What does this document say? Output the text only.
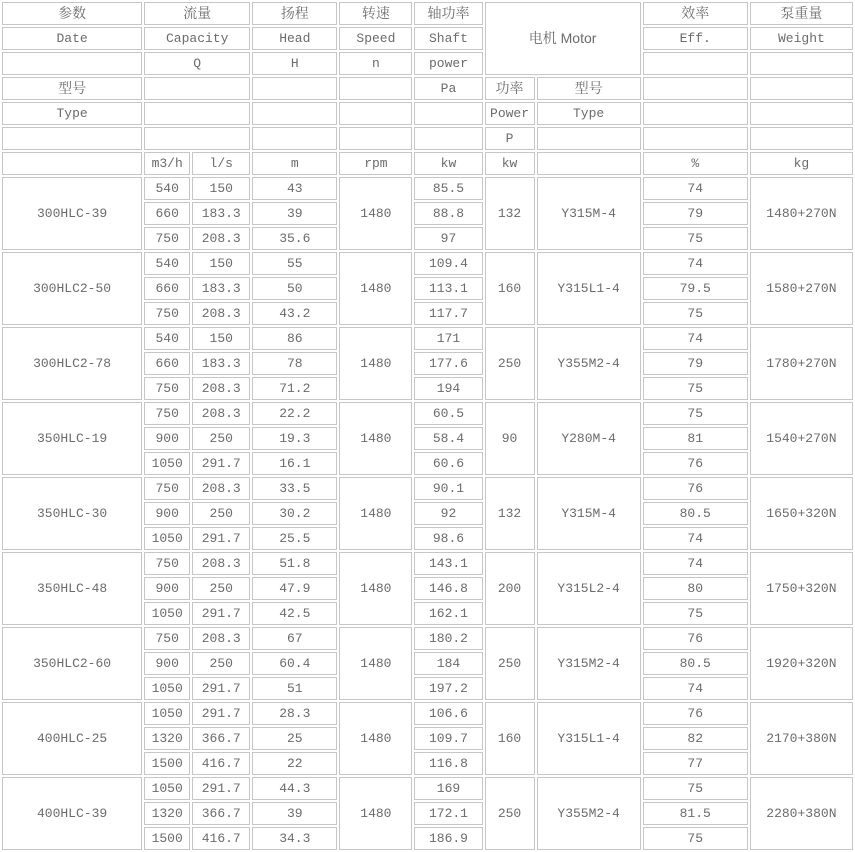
参数	流量		扬程	转速	轴功率	电机 Motor		效率	泵重量
Date	Capacity		Head	Speed	Shaft			Eff.	Weight
	Q		H	n	power				
型号					Pa	功率	型号		
Type						Power	Type		
						P			
	m3/h	l/s	m	rpm	kw	kw		%	kg
300HLC-39	540	150	43	1480	85.5	132	Y315M-4	74	1480+270N
	660	183.3	39		88.8			79	
	750	208.3	35.6		97			75	
300HLC2-50	540	150	55	1480	109.4	160	Y315L1-4	74	1580+270N
	660	183.3	50		113.1			79.5	
	750	208.3	43.2		117.7			75	
300HLC2-78	540	150	86	1480	171	250	Y355M2-4	74	1780+270N
	660	183.3	78		177.6			79	
	750	208.3	71.2		194			75	
350HLC-19	750	208.3	22.2	1480	60.5	90	Y280M-4	75	1540+270N
	900	250	19.3		58.4			81	
	1050	291.7	16.1		60.6			76	
350HLC-30	750	208.3	33.5	1480	90.1	132	Y315M-4	76	1650+320N
	900	250	30.2		92			80.5	
	1050	291.7	25.5		98.6			74	
350HLC-48	750	208.3	51.8	1480	143.1	200	Y315L2-4	74	1750+320N
	900	250	47.9		146.8			80	
	1050	291.7	42.5		162.1			75	
350HLC2-60	750	208.3	67	1480	180.2	250	Y315M2-4	76	1920+320N
	900	250	60.4		184			80.5	
	1050	291.7	51		197.2			74	
400HLC-25	1050	291.7	28.3	1480	106.6	160	Y315L1-4	76	2170+380N
	1320	366.7	25		109.7			82	
	1500	416.7	22		116.8			77	
400HLC-39	1050	291.7	44.3	1480	169	250	Y355M2-4	75	2280+380N
	1320	366.7	39		172.1			81.5	
	1500	416.7	34.3		186.9			75	
